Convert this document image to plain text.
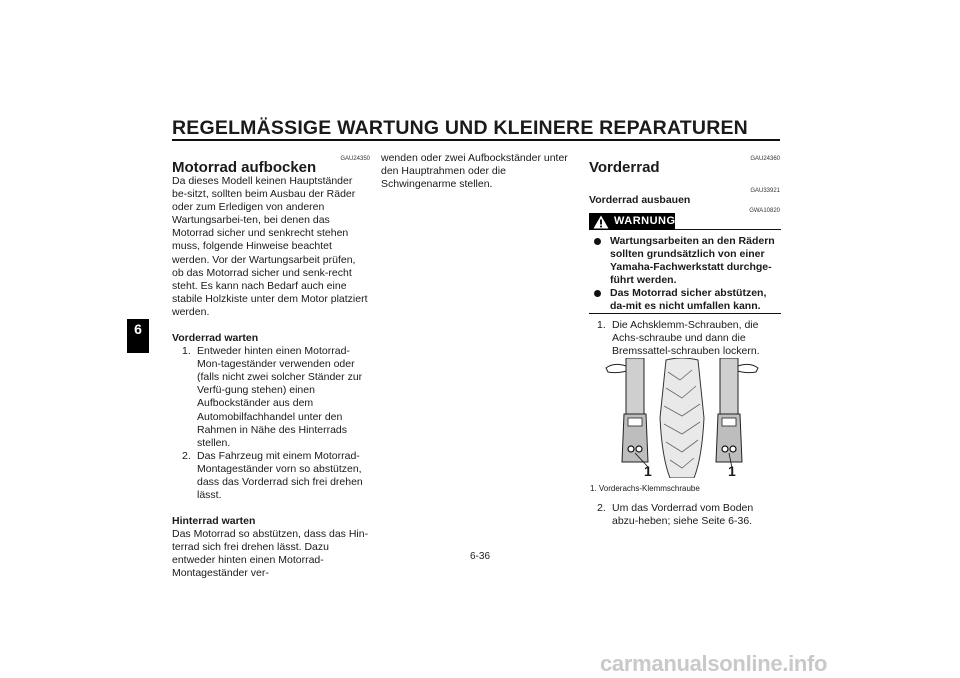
REGELMÄSSIGE WARTUNG UND KLEINERE REPARATUREN
6
GAU24350
Motorrad aufbocken

Da dieses Modell keinen Hauptständer be-sitzt, sollten beim Ausbau der Räder oder zum Erledigen von anderen Wartungsarbei-ten, bei denen das Motorrad sicher und senkrecht stehen muss, folgende Hinweise beachtet werden. Vor der Wartungsarbeit prüfen, ob das Motorrad sicher und senk-recht steht. Es kann nach Bedarf auch eine stabile Holzkiste unter dem Motor platziert werden.

Vorderrad warten

1. Entweder hinten einen Motorrad-Mon-tageständer verwenden oder (falls nicht zwei solcher Ständer zur Verfü-gung stehen) einen Aufbockständer aus dem Automobilfachhandel unter den Rahmen in Nähe des Hinterrads stellen.
2. Das Fahrzeug mit einem Motorrad-Montageständer vorn so abstützen, dass das Vorderrad sich frei drehen lässt.

Hinterrad warten

Das Motorrad so abstützen, dass das Hin-terrad sich frei drehen lässt. Dazu entweder hinten einen Motorrad-Montageständer ver-

wenden oder zwei Aufbockständer unter den Hauptrahmen oder die Schwingenarme stellen.
GAU24360
Vorderrad
GAU33921
Vorderrad ausbauen
WARNUNG
GWA10820
Wartungsarbeiten an den Rädern sollten grundsätzlich von einer Yamaha-Fachwerkstatt durchge-führt werden.
Das Motorrad sicher abstützen, da-mit es nicht umfallen kann.
1. Die Achsklemm-Schrauben, die Achs-schraube und dann die Bremssattel-schrauben lockern.
1	1
1. Vorderachs-Klemmschraube
2. Um das Vorderrad vom Boden abzu-heben; siehe Seite 6-36.
6-36
carmanualsonline.info
